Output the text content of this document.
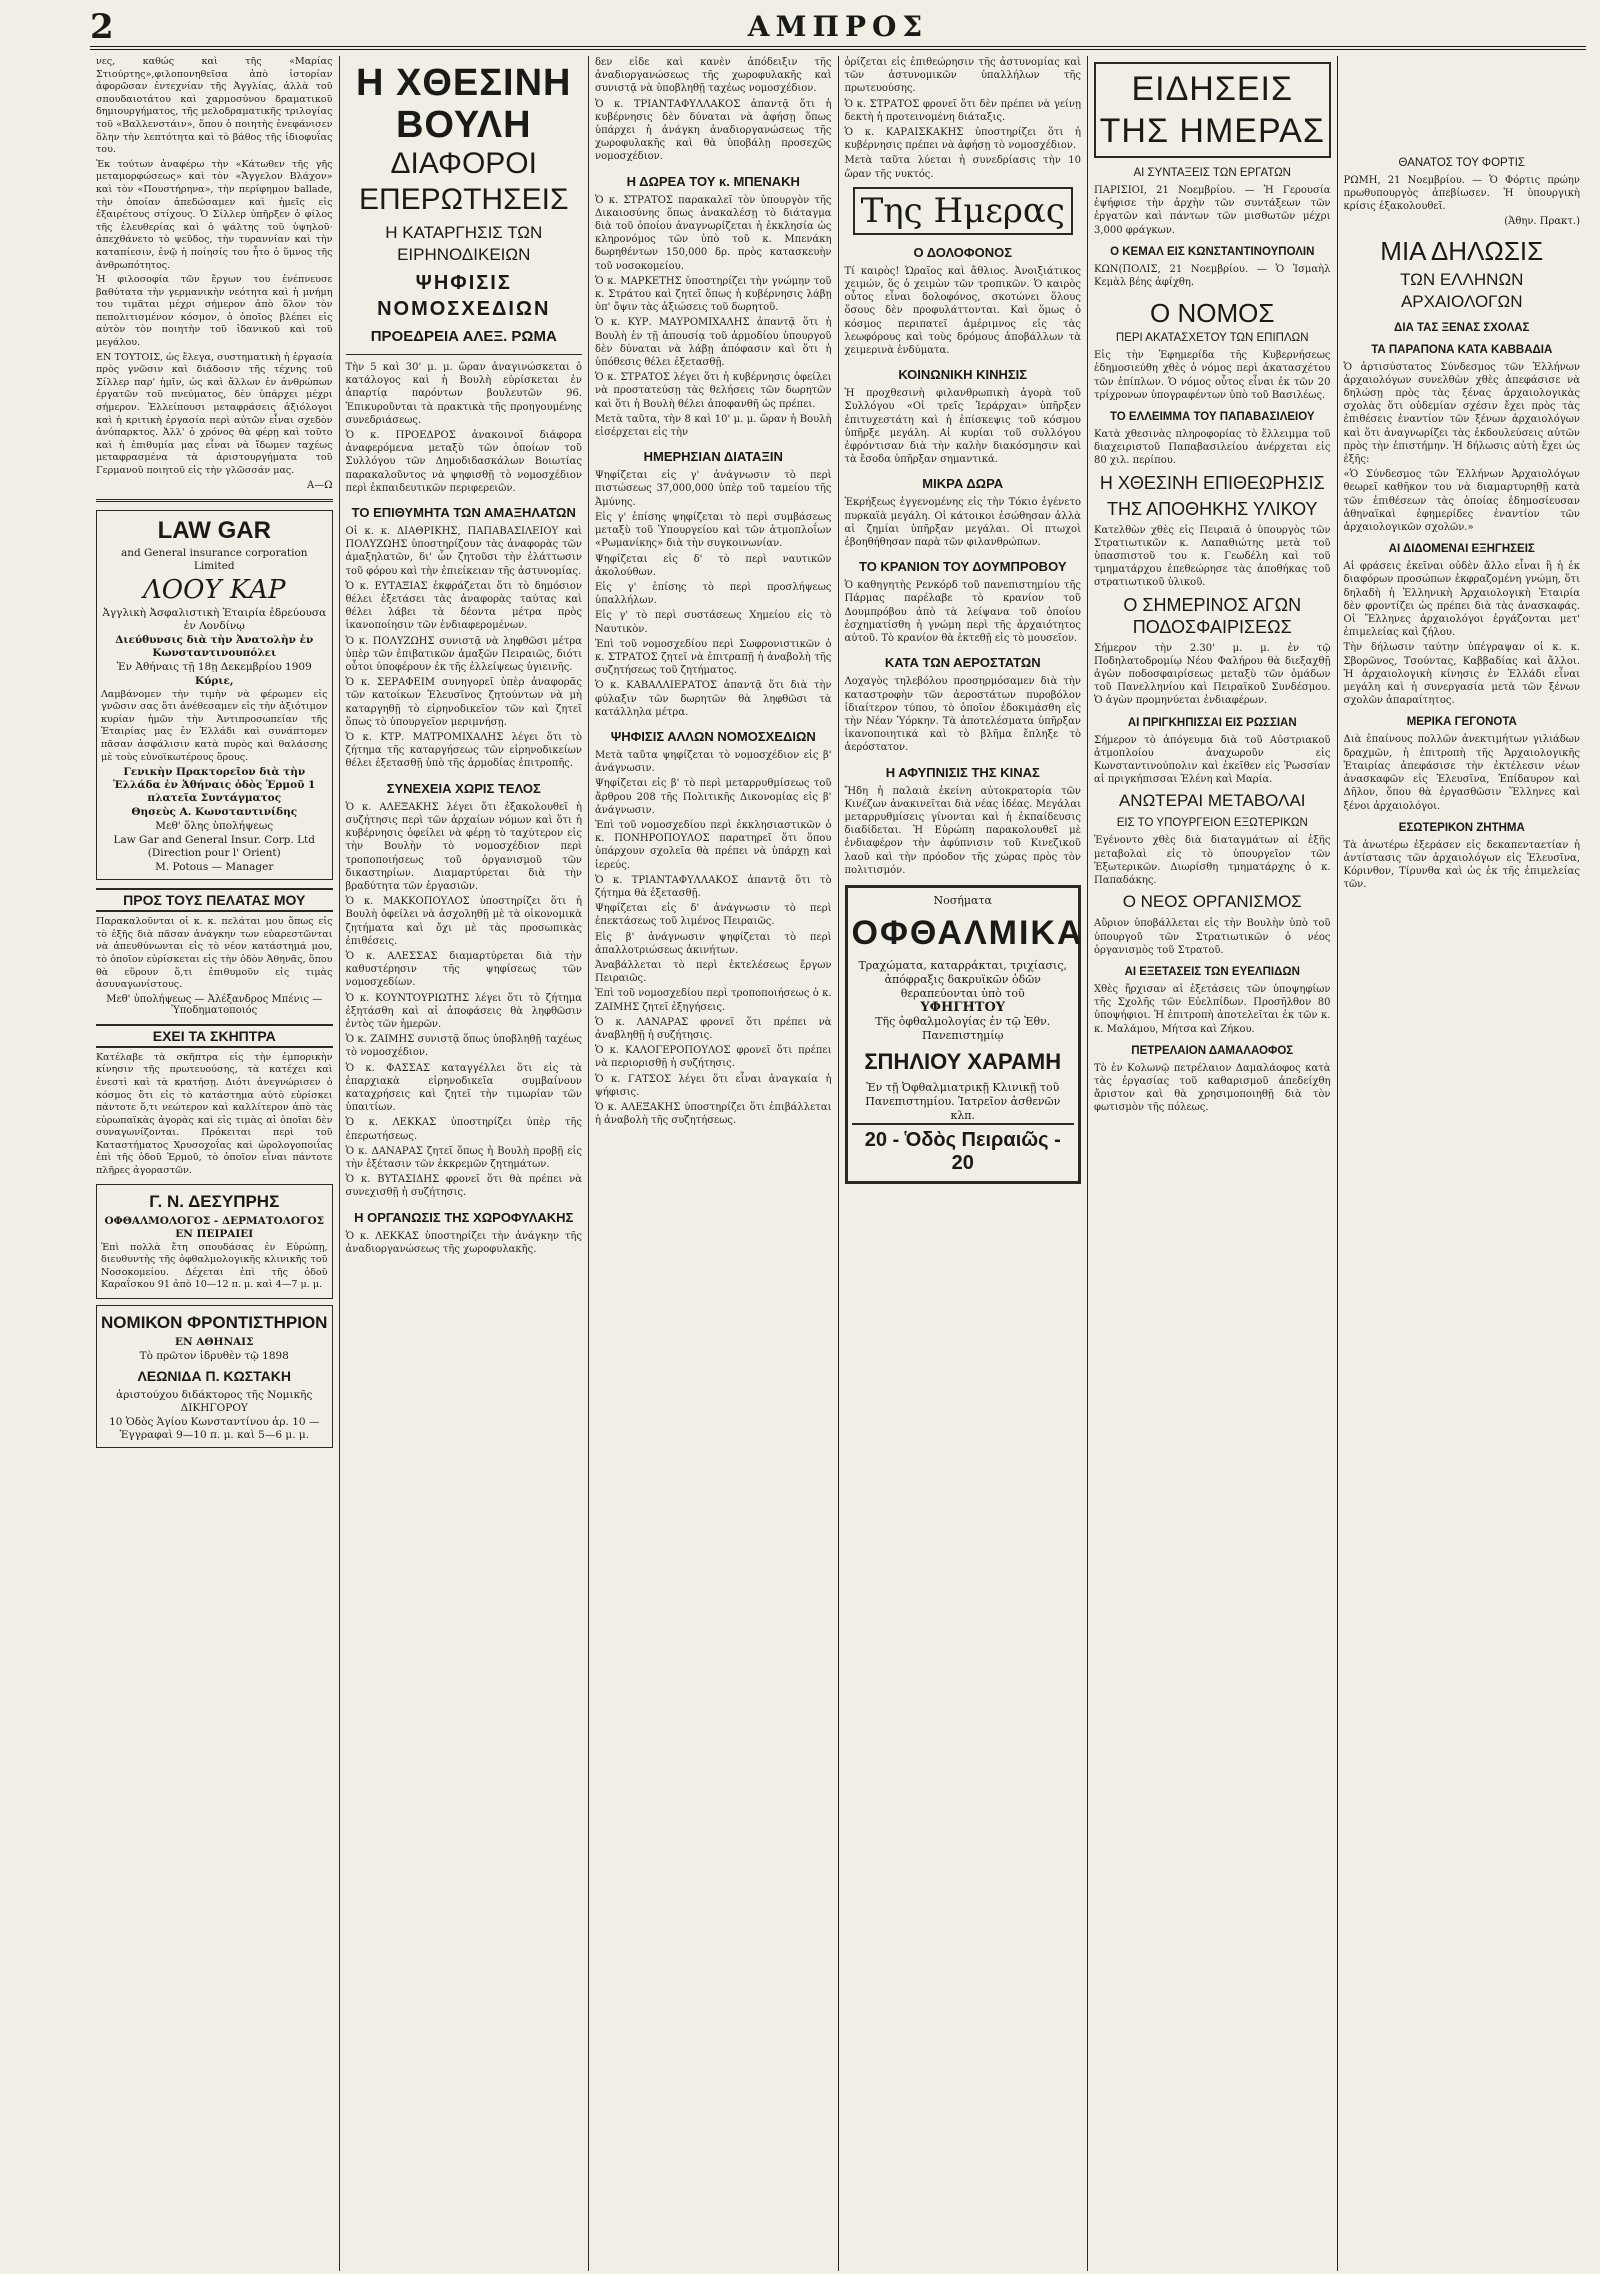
2	ΑΜΠΡΟΣ

νες, καθώς καὶ τῆς «Μαρίας Στιούρτης»,φιλοπονηθεῖσα ἀπὸ ἱστορίαν ἀφορῶσαν ἐντεχνίαν τῆς Ἀγγλίας, ἀλλὰ τοῦ σπουδαιοτάτου καὶ χαρμοσύνου δραματικοῦ δημιουργήματος, τῆς μελοδραματικῆς τριλογίας τοῦ «Βαλλενστάιν», ὅπου ὁ ποιητὴς ἐνεφάνισεν ὅλην τὴν λεπτότητα καὶ τὸ βάθος τῆς ἰδιοφυΐας του.

Ἐκ τούτων ἀναφέρω τὴν «Κάτωθεν τῆς γῆς μεταμορφώσεως» καὶ τὸν «Ἄγγελον Βλάχον» καὶ τὸν «Πουστήρηνα», τὴν περίφημον ballade, τὴν ὁποίαν ἀπεδώσαμεν καὶ ἡμεῖς εἰς ἐξαιρέτους στίχους. Ὁ Σίλλερ ὑπῆρξεν ὁ φίλος τῆς ἐλευθερίας καὶ ὁ ψάλτης τοῦ ὑψηλοῦ· ἀπεχθάνετο τὸ ψεῦδος, τὴν τυραννίαν καὶ τὴν καταπίεσιν, ἐνῷ ἡ ποίησίς του ἦτο ὁ ὕμνος τῆς ἀνθρωπότητος.

Ἡ φιλοσοφία τῶν ἔργων του ἐνέπνευσε βαθύτατα τὴν γερμανικὴν νεότητα καὶ ἡ μνήμη του τιμᾶται μέχρι σήμερον ἀπὸ ὅλον τὸν πεπολιτισμένον κόσμον, ὁ ὁποῖος βλέπει εἰς αὐτὸν τὸν ποιητὴν τοῦ ἰδανικοῦ καὶ τοῦ μεγάλου.

ΕΝ ΤΟΥΤΟΙΣ, ὡς ἔλεγα, συστηματικὴ ἡ ἐργασία πρὸς γνῶσιν καὶ διάδοσιν τῆς τέχνης τοῦ Σίλλερ παρ' ἡμῖν, ὡς καὶ ἄλλων ἐν ἀνθρώπων ἐργατῶν τοῦ πνεύματος, δὲν ὑπάρχει μέχρι σήμερον. Ἐλλείπουσι μεταφράσεις ἀξιόλογοι καὶ ἡ κριτικὴ ἐργασία περὶ αὐτῶν εἶναι σχεδὸν ἀνύπαρκτος. Ἀλλ' ὁ χρόνος θὰ φέρῃ καὶ τοῦτο καὶ ἡ ἐπιθυμία μας εἶναι νὰ ἴδωμεν ταχέως μεταφρασμένα τὰ ἀριστουργήματα τοῦ Γερμανοῦ ποιητοῦ εἰς τὴν γλῶσσάν μας.

Α—Ω

LAW GAR
and General insurance corporation Limited
ΛΟΟΥ ΚΑΡ
Ἀγγλικὴ Ἀσφαλιστικὴ Ἑταιρία ἐδρεύουσα ἐν Λονδίνῳ
Διεύθυνσις διὰ τὴν Ἀνατολὴν ἐν Κωνσταντινουπόλει
Ἐν Ἀθήναις τῇ 18ῃ Δεκεμβρίου 1909
Κύριε,

Λαμβάνομεν τὴν τιμὴν νὰ φέρωμεν εἰς γνῶσιν σας ὅτι ἀνέθεσαμεν εἰς τὴν ἀξιότιμον κυρίαν ἡμῶν τὴν Ἀντιπροσωπείαν τῆς Ἑταιρίας μας ἐν Ἑλλάδι καὶ συνάπτομεν πᾶσαν ἀσφάλισιν κατὰ πυρὸς καὶ θαλάσσης μὲ τοὺς εὐνοϊκωτέρους ὅρους.

Γενικὴν Πρακτορεῖον διὰ τὴν Ἑλλάδα ἐν Ἀθήναις ὁδὸς Ἑρμοῦ 1 πλατεῖα Συντάγματος
Θησεὺς Α. Κωνσταντινίδης
Μεθ' ὅλης ὑπολήψεως
Law Gar and General Insur. Corp. Ltd (Direction pour l' Orient)
M. Potous — Manager
ΠΡΟΣ ΤΟΥΣ ΠΕΛΑΤΑΣ ΜΟΥ

Παρακαλοῦνται οἱ κ. κ. πελάται μου ὅπως εἰς τὸ ἑξῆς διὰ πᾶσαν ἀνάγκην των εὐαρεστῶνται νὰ ἀπευθύνωνται εἰς τὸ νέον κατάστημά μου, τὸ ὁποῖον εὑρίσκεται εἰς τὴν ὁδὸν Ἀθηνᾶς, ὅπου θὰ εὕρουν ὅ,τι ἐπιθυμοῦν εἰς τιμὰς ἀσυναγωνίστους.

Μεθ' ὑπολήψεως — Ἀλέξανδρος Μπένις — Ὑποδηματοποιός

ΕΧΕΙ ΤΑ ΣΚΗΠΤΡΑ

Κατέλαβε τὰ σκῆπτρα εἰς τὴν ἐμπορικὴν κίνησιν τῆς πρωτευούσης, τὰ κατέχει καὶ ἐνεστὶ καὶ τὰ κρατήσῃ. Διότι ἀνεγνώρισεν ὁ κόσμος ὅτι εἰς τὸ κατάστημα αὐτὸ εὑρίσκει πάντοτε ὅ,τι νεώτερον καὶ καλλίτερον ἀπὸ τὰς εὐρωπαϊκὰς ἀγορὰς καὶ εἰς τιμὰς αἱ ὁποῖαι δὲν συναγωνίζονται. Πρόκειται περὶ τοῦ Καταστήματος Χρυσοχοΐας καὶ ὡρολογοποιΐας ἐπὶ τῆς ὁδοῦ Ἑρμοῦ, τὸ ὁποῖον εἶναι πάντοτε πλῆρες ἀγοραστῶν.

Γ. Ν. ΔΕΣΥΠΡΗΣ
ΟΦΘΑΛΜΟΛΟΓΟΣ - ΔΕΡΜΑΤΟΛΟΓΟΣ ΕΝ ΠΕΙΡΑΙΕΙ

Ἐπὶ πολλὰ ἔτη σπουδάσας ἐν Εὐρώπῃ, διευθυντὴς τῆς ὀφθαλμολογικῆς κλινικῆς τοῦ Νοσοκομείου. Δέχεται ἐπὶ τῆς ὁδοῦ Καραΐσκου 91 ἀπὸ 10—12 π. μ. καὶ 4—7 μ. μ.

ΝΟΜΙΚΟΝ ΦΡΟΝΤΙΣΤΗΡΙΟΝ
ΕΝ ΑΘΗΝΑΙΣ
Τὸ πρῶτον ἱδρυθὲν τῷ 1898
ΛΕΩΝΙΔΑ Π. ΚΩΣΤΑΚΗ
ἀριστούχου διδάκτορος τῆς Νομικῆς ΔΙΚΗΓΟΡΟΥ
10 Ὁδὸς Ἁγίου Κωνσταντίνου ἀρ. 10 — Ἐγγραφαὶ 9—10 π. μ. καὶ 5—6 μ. μ.
Η ΧΘΕΣΙΝΗ ΒΟΥΛΗ
ΔΙΑΦΟΡΟΙ ΕΠΕΡΩΤΗΣΕΙΣ
Η ΚΑΤΑΡΓΗΣΙΣ ΤΩΝ ΕΙΡΗΝΟΔΙΚΕΙΩΝ
ΨΗΦΙΣΙΣ ΝΟΜΟΣΧΕΔΙΩΝ
ΠΡΟΕΔΡΕΙΑ ΑΛΕΞ. ΡΩΜΑ

Τὴν 5 καὶ 30' μ. μ. ὥραν ἀναγινώσκεται ὁ κατάλογος καὶ ἡ Βουλὴ εὑρίσκεται ἐν ἀπαρτίᾳ παρόντων βουλευτῶν 96. Ἐπικυροῦνται τὰ πρακτικὰ τῆς προηγουμένης συνεδριάσεως.

Ὁ κ. ΠΡΟΕΔΡΟΣ ἀνακοινοῖ διάφορα ἀναφερόμενα μεταξὺ τῶν ὁποίων τοῦ Συλλόγου τῶν Δημοδιδασκάλων Βοιωτίας παρακαλοῦντος νὰ ψηφισθῇ τὸ νομοσχέδιον περὶ ἐκπαιδευτικῶν περιφερειῶν.

ΤΟ ΕΠΙΘΥΜΗΤΑ ΤΩΝ ΑΜΑΞΗΛΑΤΩΝ

Οἱ κ. κ. ΔΙΑΘΡΙΚΗΣ, ΠΑΠΑΒΑΣΙΛΕΙΟΥ καὶ ΠΟΛΥΖΩΗΣ ὑποστηρίζουν τὰς ἀναφορὰς τῶν ἁμαξηλατῶν, δι' ὧν ζητοῦσι τὴν ἐλάττωσιν τοῦ φόρου καὶ τὴν ἐπιείκειαν τῆς ἀστυνομίας.

Ὁ κ. ΕΥΤΑΞΙΑΣ ἐκφράζεται ὅτι τὸ δημόσιον θέλει ἐξετάσει τὰς ἀναφορὰς ταύτας καὶ θέλει λάβει τὰ δέοντα μέτρα πρὸς ἱκανοποίησιν τῶν ἐνδιαφερομένων.

Ὁ κ. ΠΟΛΥΖΩΗΣ συνιστᾷ νὰ ληφθῶσι μέτρα ὑπὲρ τῶν ἐπιβατικῶν ἁμαξῶν Πειραιῶς, διότι οὗτοι ὑποφέρουν ἐκ τῆς ἐλλείψεως ὑγιεινῆς.

Ὁ κ. ΣΕΡΑΦΕΙΜ συνηγορεῖ ὑπὲρ ἀναφορᾶς τῶν κατοίκων Ἐλευσῖνος ζητούντων νὰ μὴ καταργηθῇ τὸ εἰρηνοδικεῖον τῶν καὶ ζητεῖ ὅπως τὸ ὑπουργεῖον μεριμνήσῃ.

Ὁ κ. ΚΤΡ. ΜΑΤΡΟΜΙΧΑΛΗΣ λέγει ὅτι τὸ ζήτημα τῆς καταργήσεως τῶν εἰρηνοδικείων θέλει ἐξετασθῇ ὑπὸ τῆς ἁρμοδίας ἐπιτροπῆς.

ΣΥΝΕΧΕΙΑ ΧΩΡΙΣ ΤΕΛΟΣ

Ὁ κ. ΑΛΕΞΑΚΗΣ λέγει ὅτι ἐξακολουθεῖ ἡ συζήτησις περὶ τῶν ἀρχαίων νόμων καὶ ὅτι ἡ κυβέρνησις ὀφείλει νὰ φέρῃ τὸ ταχύτερον εἰς τὴν Βουλὴν τὸ νομοσχέδιον περὶ τροποποιήσεως τοῦ ὀργανισμοῦ τῶν δικαστηρίων. Διαμαρτύρεται διὰ τὴν βραδύτητα τῶν ἐργασιῶν.

Ὁ κ. ΜΑΚΚΟΠΟΥΛΟΣ ὑποστηρίζει ὅτι ἡ Βουλὴ ὀφείλει νὰ ἀσχοληθῇ μὲ τὰ οἰκονομικὰ ζητήματα καὶ ὄχι μὲ τὰς προσωπικὰς ἐπιθέσεις.

Ὁ κ. ΑΛΕΣΣΑΣ διαμαρτύρεται διὰ τὴν καθυστέρησιν τῆς ψηφίσεως τῶν νομοσχεδίων.

Ὁ κ. ΚΟΥΝΤΟΥΡΙΩΤΗΣ λέγει ὅτι τὸ ζήτημα ἐξητάσθη καὶ αἱ ἀποφάσεις θὰ ληφθῶσιν ἐντὸς τῶν ἡμερῶν.

Ὁ κ. ΖΑΙΜΗΣ συνιστᾷ ὅπως ὑποβληθῇ ταχέως τὸ νομοσχέδιον.

Ὁ κ. ΦΑΣΣΑΣ καταγγέλλει ὅτι εἰς τὰ ἐπαρχιακὰ εἰρηνοδικεῖα συμβαίνουν καταχρήσεις καὶ ζητεῖ τὴν τιμωρίαν τῶν ὑπαιτίων.

Ὁ κ. ΛΕΚΚΑΣ ὑποστηρίζει ὑπὲρ τῆς ἐπερωτήσεως.

Ὁ κ. ΔΑΝΑΡΑΣ ζητεῖ ὅπως ἡ Βουλὴ προβῇ εἰς τὴν ἐξέτασιν τῶν ἐκκρεμῶν ζητημάτων.

Ὁ κ. ΒΥΤΑΣΙΔΗΣ φρονεῖ ὅτι θὰ πρέπει νὰ συνεχισθῇ ἡ συζήτησις.

Η ΟΡΓΑΝΩΣΙΣ ΤΗΣ ΧΩΡΟΦΥΛΑΚΗΣ

Ὁ κ. ΛΕΚΚΑΣ ὑποστηρίζει τὴν ἀνάγκην τῆς ἀναδιοργανώσεως τῆς χωροφυλακῆς.

δεν εἶδε καὶ κανὲν ἀπόδειξιν τῆς ἀναδιοργανώσεως τῆς χωροφυλακῆς καὶ συνιστᾷ νὰ ὑποβληθῇ ταχέως νομοσχέδιον.

Ὁ κ. ΤΡΙΑΝΤΑΦΥΛΛΑΚΟΣ ἀπαντᾷ ὅτι ἡ κυβέρνησις δὲν δύναται νὰ ἀφήσῃ ὅπως ὑπάρχει ἡ ἀνάγκη ἀναδιοργανώσεως τῆς χωροφυλακῆς καὶ θὰ ὑποβάλῃ προσεχῶς νομοσχέδιον.

Η ΔΩΡΕΑ ΤΟΥ κ. ΜΠΕΝΑΚΗ

Ὁ κ. ΣΤΡΑΤΟΣ παρακαλεῖ τὸν ὑπουργὸν τῆς Δικαιοσύνης ὅπως ἀνακαλέσῃ τὸ διάταγμα διὰ τοῦ ὁποίου ἀναγνωρίζεται ἡ ἐκκλησία ὡς κληρονόμος τῶν ὑπὸ τοῦ κ. Μπενάκη δωρηθέντων 150,000 δρ. πρὸς κατασκευὴν τοῦ νοσοκομείου.

Ὁ κ. ΜΑΡΚΕΤΗΣ ὑποστηρίζει τὴν γνώμην τοῦ κ. Στράτου καὶ ζητεῖ ὅπως ἡ κυβέρνησις λάβῃ ὑπ' ὄψιν τὰς ἀξιώσεις τοῦ δωρητοῦ.

Ὁ κ. ΚΥΡ. ΜΑΥΡΟΜΙΧΑΛΗΣ ἀπαντᾷ ὅτι ἡ Βουλὴ ἐν τῇ ἀπουσίᾳ τοῦ ἁρμοδίου ὑπουργοῦ δὲν δύναται νὰ λάβῃ ἀπόφασιν καὶ ὅτι ἡ ὑπόθεσις θέλει ἐξετασθῇ.

Ὁ κ. ΣΤΡΑΤΟΣ λέγει ὅτι ἡ κυβέρνησις ὀφείλει νὰ προστατεύσῃ τὰς θελήσεις τῶν δωρητῶν καὶ ὅτι ἡ Βουλὴ θέλει ἀποφανθῆ ὡς πρέπει.

Μετὰ ταῦτα, τὴν 8 καὶ 10' μ. μ. ὥραν ἡ Βουλὴ εἰσέρχεται εἰς τὴν

ΗΜΕΡΗΣΙΑΝ ΔΙΑΤΑΞΙΝ

Ψηφίζεται εἰς γ' ἀνάγνωσιν τὸ περὶ πιστώσεως 37,000,000 ὑπὲρ τοῦ ταμείου τῆς Ἀμύνης.

Εἰς γ' ἐπίσης ψηφίζεται τὸ περὶ συμβάσεως μεταξὺ τοῦ Ὑπουργείου καὶ τῶν ἀτμοπλοΐων «Ρωμανίκης» διὰ τὴν συγκοινωνίαν.

Ψηφίζεται εἰς δ' τὸ περὶ ναυτικῶν ἀκολούθων.

Εἰς γ' ἐπίσης τὸ περὶ προσλήψεως ὑπαλλήλων.

Εἰς γ' τὸ περὶ συστάσεως Χημείου εἰς τὸ Ναυτικὸν.

Ἐπὶ τοῦ νομοσχεδίου περὶ Σωφρονιστικῶν ὁ κ. ΣΤΡΑΤΟΣ ζητεῖ νὰ ἐπιτραπῇ ἡ ἀναβολὴ τῆς συζητήσεως τοῦ ζητήματος.

Ὁ κ. ΚΑΒΑΛΛΙΕΡΑΤΟΣ ἀπαντᾷ ὅτι διὰ τὴν φύλαξιν τῶν δωρητῶν θὰ ληφθῶσι τὰ κατάλληλα μέτρα.

ΨΗΦΙΣΙΣ ΑΛΛΩΝ ΝΟΜΟΣΧΕΔΙΩΝ

Μετὰ ταῦτα ψηφίζεται τὸ νομοσχέδιον εἰς β' ἀνάγνωσιν.

Ψηφίζεται εἰς β' τὸ περὶ μεταρρυθμίσεως τοῦ ἄρθρου 208 τῆς Πολιτικῆς Δικονομίας εἰς β' ἀνάγνωσιν.

Ἐπὶ τοῦ νομοσχεδίου περὶ ἐκκλησιαστικῶν ὁ κ. ΠΟΝΗΡΟΠΟΥΛΟΣ παρατηρεῖ ὅτι ὅπου ὑπάρχουν σχολεῖα θὰ πρέπει νὰ ὑπάρχῃ καὶ ἱερεύς.

Ὁ κ. ΤΡΙΑΝΤΑΦΥΛΛΑΚΟΣ ἀπαντᾷ ὅτι τὸ ζήτημα θὰ ἐξετασθῇ.

Ψηφίζεται εἰς δ' ἀνάγνωσιν τὸ περὶ ἐπεκτάσεως τοῦ λιμένος Πειραιῶς.

Εἰς β' ἀνάγνωσιν ψηφίζεται τὸ περὶ ἀπαλλοτριώσεως ἀκινήτων.

Ἀναβάλλεται τὸ περὶ ἐκτελέσεως ἔργων Πειραιῶς.

Ἐπὶ τοῦ νομοσχεδίου περὶ τροποποιήσεως ὁ κ. ΖΑΙΜΗΣ ζητεῖ ἐξηγήσεις.

Ὁ κ. ΛΑΝΑΡΑΣ φρονεῖ ὅτι πρέπει νὰ ἀναβληθῇ ἡ συζήτησις.

Ὁ κ. ΚΑΛΟΓΕΡΟΠΟΥΛΟΣ φρονεῖ ὅτι πρέπει νὰ περιορισθῇ ἡ συζήτησις.

Ὁ κ. ΓΑΤΣΟΣ λέγει ὅτι εἶναι ἀναγκαία ἡ ψήφισις.

Ὁ κ. ΑΛΕΞΑΚΗΣ ὑποστηρίζει ὅτι ἐπιβάλλεται ἡ ἀναβολὴ τῆς συζητήσεως.

ὁρίζεται εἰς ἐπιθεώρησιν τῆς ἀστυνομίας καὶ τῶν ἀστυνομικῶν ὑπαλλήλων τῆς πρωτευούσης.

Ὁ κ. ΣΤΡΑΤΟΣ φρονεῖ ὅτι δὲν πρέπει νὰ γείνῃ δεκτὴ ἡ προτεινομένη διάταξις.

Ὁ κ. ΚΑΡΑΙΣΚΑΚΗΣ ὑποστηρίζει ὅτι ἡ κυβέρνησις πρέπει νὰ ἀφήσῃ τὸ νομοσχέδιον.

Μετὰ ταῦτα λύεται ἡ συνεδρίασις τὴν 10 ὥραν τῆς νυκτός.

Της Ημερας
Ο ΔΟΛΟΦΟΝΟΣ

Τί καιρὸς! Ὡραῖος καὶ ἄθλιος. Ἀνοιξιάτικος χειμών, ὅς ὁ χειμὼν τῶν τροπικῶν. Ὁ καιρὸς οὗτος εἶναι δολοφόνος, σκοτώνει ὅλους ὅσους δὲν προφυλάττονται. Καὶ ὅμως ὁ κόσμος περιπατεῖ ἀμέριμνος εἰς τὰς λεωφόρους καὶ τοὺς δρόμους ἀποβάλλων τὰ χειμερινὰ ἐνδύματα.

ΚΟΙΝΩΝΙΚΗ ΚΙΝΗΣΙΣ

Ἡ προχθεσινὴ φιλανθρωπικὴ ἀγορὰ τοῦ Συλλόγου «Οἱ τρεῖς Ἱεράρχαι» ὑπῆρξεν ἐπιτυχεστάτη καὶ ἡ ἐπίσκεψις τοῦ κόσμου ὑπῆρξε μεγάλη. Αἱ κυρίαι τοῦ συλλόγου ἐφρόντισαν διὰ τὴν καλὴν διακόσμησιν καὶ τὰ ἔσοδα ὑπῆρξαν σημαντικά.

ΜΙΚΡΑ ΔΩΡΑ

Ἐκρήξεως ἐγγενομένης εἰς τὴν Τόκιο ἐγένετο πυρκαϊὰ μεγάλη. Οἱ κάτοικοι ἐσώθησαν ἀλλὰ αἱ ζημίαι ὑπῆρξαν μεγάλαι. Οἱ πτωχοὶ ἐβοηθήθησαν παρὰ τῶν φιλανθρώπων.

ΤΟ ΚΡΑΝΙΟΝ ΤΟΥ ΔΟΥΜΠΡΟΒΟΥ

Ὁ καθηγητὴς Ρενκόρδ τοῦ πανεπιστημίου τῆς Πάρμας παρέλαβε τὸ κρανίον τοῦ Δουμπρόβου ἀπὸ τὰ λείψανα τοῦ ὁποίου ἐσχηματίσθη ἡ γνώμη περὶ τῆς ἀρχαιότητος αὐτοῦ. Τὸ κρανίον θὰ ἐκτεθῇ εἰς τὸ μουσεῖον.

ΚΑΤΑ ΤΩΝ ΑΕΡΟΣΤΑΤΩΝ

Λοχαγὸς τηλεβόλου προσηρμόσαμεν διὰ τὴν καταστροφὴν τῶν ἀεροστάτων πυροβόλον ἰδιαίτερον τύπου, τὸ ὁποῖον ἐδοκιμάσθη εἰς τὴν Νέαν Ὑόρκην. Τὰ ἀποτελέσματα ὑπῆρξαν ἱκανοποιητικά καὶ τὸ βλῆμα ἔπληξε τὸ ἀερόστατον.

Η ΑΦΥΠΝΙΣΙΣ ΤΗΣ ΚΙΝΑΣ

Ἤδη ἡ παλαιὰ ἐκείνη αὐτοκρατορία τῶν Κινέζων ἀνακινεῖται διὰ νέας ἰδέας. Μεγάλαι μεταρρυθμίσεις γίνονται καὶ ἡ ἐκπαίδευσις διαδίδεται. Ἡ Εὐρώπη παρακολουθεῖ μὲ ἐνδιαφέρον τὴν ἀφύπνισιν τοῦ Κινεζικοῦ λαοῦ καὶ τὴν πρόοδον τῆς χώρας πρὸς τὸν πολιτισμόν.

Νοσήματα
ΟΦΘΑΛΜΙΚΑ
Τραχώματα, καταρράκται, τριχίασις, ἀπόφραξις δακρυϊκῶν ὁδῶν θεραπεύονται ὑπὸ τοῦ
ΥΦΗΓΗΤΟΥ
Τῆς ὀφθαλμολογίας ἐν τῷ Ἐθν. Πανεπιστημίῳ
ΣΠΗΛΙΟΥ ΧΑΡΑΜΗ
Ἐν τῇ Ὀφθαλμιατρικῇ Κλινικῇ τοῦ Πανεπιστημίου. Ἰατρεῖον ἀσθενῶν κλπ.
20 - Ὁδὸς Πειραιῶς - 20
ΕΙΔΗΣΕΙΣ ΤΗΣ ΗΜΕΡΑΣ
ΑΙ ΣΥΝΤΑΞΕΙΣ ΤΩΝ ΕΡΓΑΤΩΝ

ΠΑΡΙΣΙΟΙ, 21 Νοεμβρίου. — Ἡ Γερουσία ἐψήφισε τὴν ἀρχὴν τῶν συντάξεων τῶν ἐργατῶν καὶ πάντων τῶν μισθωτῶν μέχρι 3,000 φράγκων.

Ο ΚΕΜΑΛ ΕΙΣ ΚΩΝΣΤΑΝΤΙΝΟΥΠΟΛΙΝ

ΚΩΝ(ΠΟΛΙΣ, 21 Νοεμβρίου. — Ὁ Ἰσμαὴλ Κεμὰλ βέης ἀφίχθη.

Ο ΝΟΜΟΣ
ΠΕΡΙ ΑΚΑΤΑΣΧΕΤΟΥ ΤΩΝ ΕΠΙΠΛΩΝ

Εἰς τὴν Ἐφημερίδα τῆς Κυβερνήσεως ἐδημοσιεύθη χθὲς ὁ νόμος περὶ ἀκατασχέτου τῶν ἐπίπλων. Ὁ νόμος οὗτος εἶναι ἐκ τῶν 20 τρίχρονων ὑπογραφέντων ὑπὸ τοῦ Βασιλέως.

ΤΟ ΕΛΛΕΙΜΜΑ ΤΟΥ ΠΑΠΑΒΑΣΙΛΕΙΟΥ

Κατὰ χθεσινὰς πληροφορίας τὸ ἔλλειμμα τοῦ διαχειριστοῦ Παπαβασιλείου ἀνέρχεται εἰς 80 χιλ. περίπου.

Η ΧΘΕΣΙΝΗ ΕΠΙΘΕΩΡΗΣΙΣ
ΤΗΣ ΑΠΟΘΗΚΗΣ ΥΛΙΚΟΥ

Κατελθὼν χθὲς εἰς Πειραιᾶ ὁ ὑπουργὸς τῶν Στρατιωτικῶν κ. Λαπαθιώτης μετὰ τοῦ ὑπασπιστοῦ του κ. Γεωδέλη καὶ τοῦ τμηματάρχου ἐπεθεώρησε τὰς ἀποθήκας τοῦ στρατιωτικοῦ ὑλικοῦ.

Ο ΣΗΜΕΡΙΝΟΣ ΑΓΩΝ ΠΟΔΟΣΦΑΙΡΙΣΕΩΣ

Σήμερον τὴν 2.30' μ. μ. ἐν τῷ Ποδηλατοδρομίῳ Νέου Φαλήρου θὰ διεξαχθῇ ἀγὼν ποδοσφαιρίσεως μεταξὺ τῶν ὁμάδων τοῦ Πανελληνίου καὶ Πειραϊκοῦ Συνδέσμου. Ὁ ἀγὼν προμηνύεται ἐνδιαφέρων.

ΑΙ ΠΡΙΓΚΗΠΙΣΣΑΙ ΕΙΣ ΡΩΣΣΙΑΝ

Σήμερον τὸ ἀπόγευμα διὰ τοῦ Αὐστριακοῦ ἀτμοπλοίου ἀναχωροῦν εἰς Κωνσταντινούπολιν καὶ ἐκεῖθεν εἰς Ῥωσσίαν αἱ πριγκήπισσαι Ἑλένη καὶ Μαρία.

ΑΝΩΤΕΡΑΙ ΜΕΤΑΒΟΛΑΙ
ΕΙΣ ΤΟ ΥΠΟΥΡΓΕΙΟΝ ΕΞΩΤΕΡΙΚΩΝ

Ἐγένοντο χθὲς διὰ διαταγμάτων αἱ ἑξῆς μεταβολαὶ εἰς τὸ ὑπουργεῖον τῶν Ἐξωτερικῶν. Διωρίσθη τμηματάρχης ὁ κ. Παπαδάκης.

Ο ΝΕΟΣ ΟΡΓΑΝΙΣΜΟΣ

Αὔριον ὑποβάλλεται εἰς τὴν Βουλὴν ὑπὸ τοῦ ὑπουργοῦ τῶν Στρατιωτικῶν ὁ νέος ὀργανισμὸς τοῦ Στρατοῦ.

ΑΙ ΕΞΕΤΑΣΕΙΣ ΤΩΝ ΕΥΕΛΠΙΔΩΝ

Χθὲς ἤρχισαν αἱ ἐξετάσεις τῶν ὑποψηφίων τῆς Σχολῆς τῶν Εὐελπίδων. Προσῆλθον 80 ὑποψήφιοι. Ἡ ἐπιτροπὴ ἀποτελεῖται ἐκ τῶν κ. κ. Μαλάμου, Μήτσα καὶ Ζήκου.

ΠΕΤΡΕΛΑΙΟΝ ΔΑΜΑΛΑΟΦΟΣ

Τὸ ἐν Κολωνῷ πετρέλαιον Δαμαλάοφος κατὰ τὰς ἐργασίας τοῦ καθαρισμοῦ ἀπεδείχθη ἄριστον καὶ θὰ χρησιμοποιηθῇ διὰ τὸν φωτισμὸν τῆς πόλεως.

ΘΑΝΑΤΟΣ ΤΟΥ ΦΟΡΤΙΣ

ΡΩΜΗ, 21 Νοεμβρίου. — Ὁ Φόρτις πρώην πρωθυπουργὸς ἀπεβίωσεν. Ἡ ὑπουργικὴ κρίσις ἐξακολουθεῖ.

(Ἀθην. Πρακτ.)

ΜΙΑ ΔΗΛΩΣΙΣ
ΤΩΝ ΕΛΛΗΝΩΝ ΑΡΧΑΙΟΛΟΓΩΝ
ΔΙΑ ΤΑΣ ΞΕΝΑΣ ΣΧΟΛΑΣ
ΤΑ ΠΑΡΑΠΟΝΑ ΚΑΤΑ ΚΑΒΒΑΔΙΑ

Ὁ ἀρτισύστατος Σύνδεσμος τῶν Ἑλλήνων ἀρχαιολόγων συνελθὼν χθὲς ἀπεφάσισε νὰ δηλώσῃ πρὸς τὰς ξένας ἀρχαιολογικὰς σχολὰς ὅτι οὐδεμίαν σχέσιν ἔχει πρὸς τὰς ἐπιθέσεις ἐναντίον τῶν ξένων ἀρχαιολόγων καὶ ὅτι ἀναγνωρίζει τὰς ἐκδουλεύσεις αὐτῶν πρὸς τὴν ἐπιστήμην. Ἡ δήλωσις αὐτὴ ἔχει ὡς ἑξῆς:

«Ὁ Σύνδεσμος τῶν Ἑλλήνων Ἀρχαιολόγων θεωρεῖ καθῆκον του νὰ διαμαρτυρηθῇ κατὰ τῶν ἐπιθέσεων τὰς ὁποίας ἐδημοσίευσαν ἀθηναϊκαὶ ἐφημερίδες ἐναντίον τῶν ἀρχαιολογικῶν σχολῶν.»

ΑΙ ΔΙΔΟΜΕΝΑΙ ΕΞΗΓΗΣΕΙΣ

Αἱ φράσεις ἐκεῖναι οὐδὲν ἄλλο εἶναι ἢ ἡ ἐκ διαφόρων προσώπων ἐκφραζομένη γνώμη, ὅτι δηλαδὴ ἡ Ἑλληνικὴ Ἀρχαιολογικὴ Ἑταιρία δὲν φροντίζει ὡς πρέπει διὰ τὰς ἀνασκαφάς. Οἱ Ἕλληνες ἀρχαιολόγοι ἐργάζονται μετ' ἐπιμελείας καὶ ζήλου.

Τὴν δήλωσιν ταύτην ὑπέγραψαν οἱ κ. κ. Σβορῶνος, Τσούντας, Καββαδίας καὶ ἄλλοι. Ἡ ἀρχαιολογικὴ κίνησις ἐν Ἑλλάδι εἶναι μεγάλη καὶ ἡ συνεργασία μετὰ τῶν ξένων σχολῶν ἀπαραίτητος.

ΜΕΡΙΚΑ ΓΕΓΟΝΟΤΑ

Διὰ ἐπαίνους πολλῶν ἀνεκτιμήτων γιλιάδων δραχμῶν, ἡ ἐπιτροπὴ τῆς Ἀρχαιολογικῆς Ἑταιρίας ἀπεφάσισε τὴν ἐκτέλεσιν νέων ἀνασκαφῶν εἰς Ἐλευσῖνα, Ἐπίδαυρον καὶ Δῆλον, ὅπου θὰ ἐργασθῶσιν Ἕλληνες καὶ ξένοι ἀρχαιολόγοι.

ΕΣΩΤΕΡΙΚΟΝ ΖΗΤΗΜΑ

Τὰ ἀνωτέρω ἐξεράσεν εἰς δεκαπενταετίαν ἡ ἀντίστασις τῶν ἀρχαιολόγων εἰς Ἐλευσῖνα, Κόρινθον, Τίρυνθα καὶ ὡς ἐκ τῆς ἐπιμελείας τῶν.
